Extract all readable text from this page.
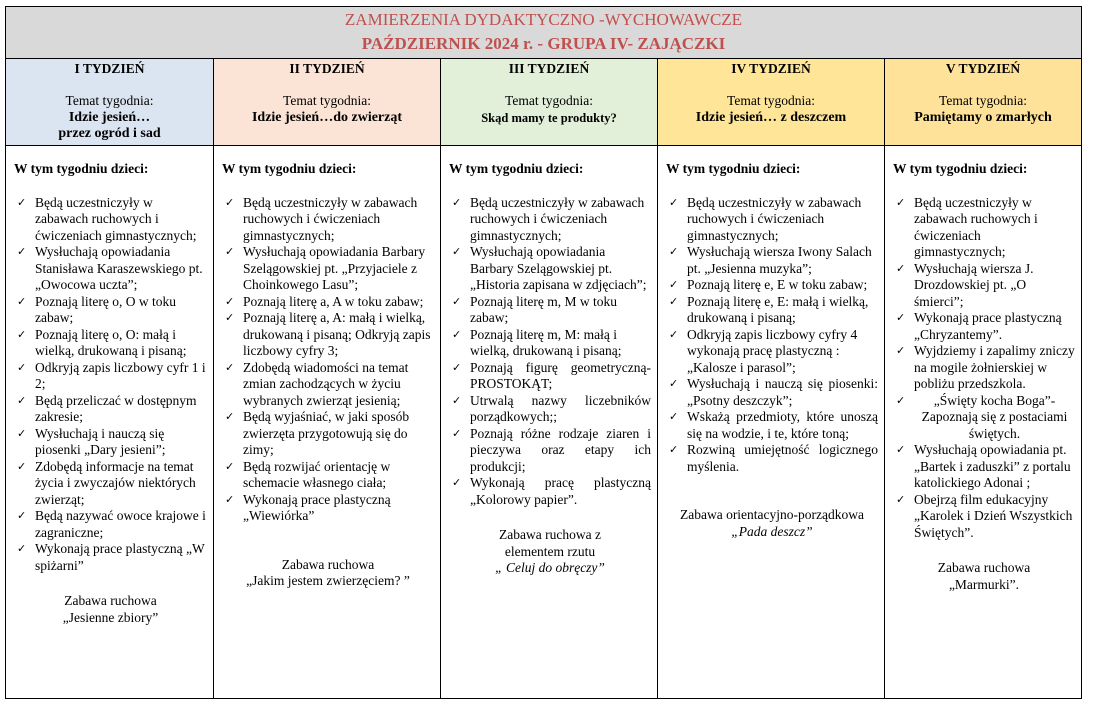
ZAMIERZENIA DYDAKTYCZNO -WYCHOWAWCZE
PAŹDZIERNIK 2024 r. - GRUPA IV- ZAJĄCZKI
I TYDZIEŃ
Temat tygodnia:
Idzie jesień…
przez ogród i sad
W tym tygodniu dzieci:
✓ Będą uczestniczyły w zabawach ruchowych i ćwiczeniach gimnastycznych;
✓ Wysłuchają opowiadania Stanisława Karaszewskiego pt. „Owocowa uczta”;
✓ Poznają literę o, O w toku zabaw;
✓ Poznają literę o, O: małą i wielką, drukowaną i pisaną;
✓ Odkryją zapis liczbowy cyfr 1 i 2;
✓ Będą przeliczać w dostępnym zakresie;
✓ Wysłuchają i nauczą się piosenki „Dary jesieni”;
✓ Zdobędą informacje na temat życia i zwyczajów niektórych zwierząt;
✓ Będą nazywać owoce krajowe i zagraniczne;
✓ Wykonają prace plastyczną „W spiżarni”
Zabawa ruchowa
„Jesienne zbiory”
II TYDZIEŃ
Temat tygodnia:
Idzie jesień…do zwierząt
W tym tygodniu dzieci:
✓ Będą uczestniczyły w zabawach ruchowych i ćwiczeniach gimnastycznych;
✓ Wysłuchają opowiadania Barbary Szelągowskiej pt. „Przyjaciele z Choinkowego Lasu”;
✓ Poznają literę a, A w toku zabaw;
✓ Poznają literę a, A: małą i wielką, drukowaną i pisaną; Odkryją zapis liczbowy cyfry 3;
✓ Zdobędą wiadomości na temat zmian zachodzących w życiu wybranych zwierząt jesienią;
✓ Będą wyjaśniać, w jaki sposób zwierzęta przygotowują się do zimy;
✓ Będą rozwijać orientację w schemacie własnego ciała;
✓ Wykonają prace plastyczną „Wiewiórka”
Zabawa ruchowa
„Jakim jestem zwierzęciem? ”
III TYDZIEŃ
Temat tygodnia:
Skąd mamy te produkty?
W tym tygodniu dzieci:
✓ Będą uczestniczyły w zabawach ruchowych i ćwiczeniach gimnastycznych;
✓ Wysłuchają opowiadania Barbary Szelągowskiej pt. „Historia zapisana w zdjęciach”;
✓ Poznają literę m, M w toku zabaw;
✓ Poznają literę m, M: małą i wielką, drukowaną i pisaną;
✓ Poznają figurę geometryczną- PROSTOKĄT;
✓ Utrwalą nazwy liczebników porządkowych;;
✓ Poznają różne rodzaje ziaren i pieczywa oraz etapy ich produkcji;
✓ Wykonają pracę plastyczną „Kolorowy papier”.
Zabawa ruchowa z elementem rzutu
„ Celuj do obręczy”
IV TYDZIEŃ
Temat tygodnia:
Idzie jesień… z deszczem
W tym tygodniu dzieci:
✓ Będą uczestniczyły w zabawach ruchowych i ćwiczeniach gimnastycznych;
✓ Wysłuchają wiersza Iwony Salach pt. „Jesienna muzyka”;
✓ Poznają literę e, E w toku zabaw;
✓ Poznają literę e, E: małą i wielką, drukowaną i pisaną;
✓ Odkryją zapis liczbowy cyfry 4 wykonają pracę plastyczną : „Kalosze i parasol”;
✓ Wysłuchają i nauczą się piosenki: „Psotny deszczyk”;
✓ Wskażą przedmioty, które unoszą się na wodzie, i te, które toną;
✓ Rozwiną umiejętność logicznego myślenia.
Zabawa orientacyjno-porządkowa
„Pada deszcz”
V TYDZIEŃ
Temat tygodnia:
Pamiętamy o zmarłych
W tym tygodniu dzieci:
✓ Będą uczestniczyły w zabawach ruchowych i ćwiczeniach gimnastycznych;
✓ Wysłuchają wiersza J. Drozdowskiej pt. „O śmierci”;
✓ Wykonają prace plastyczną „Chryzantemy”.
✓ Wyjdziemy i zapalimy zniczy na mogile żołnierskiej w pobliżu przedszkola.
✓ „Święty kocha Boga”- Zapoznają się z postaciami świętych.
✓ Wysłuchają opowiadania pt. „Bartek i zaduszki” z portalu katolickiego Adonai ;
✓ Obejrzą film edukacyjny „Karolek i Dzień Wszystkich Świętych”.
Zabawa ruchowa
„Marmurki”.
